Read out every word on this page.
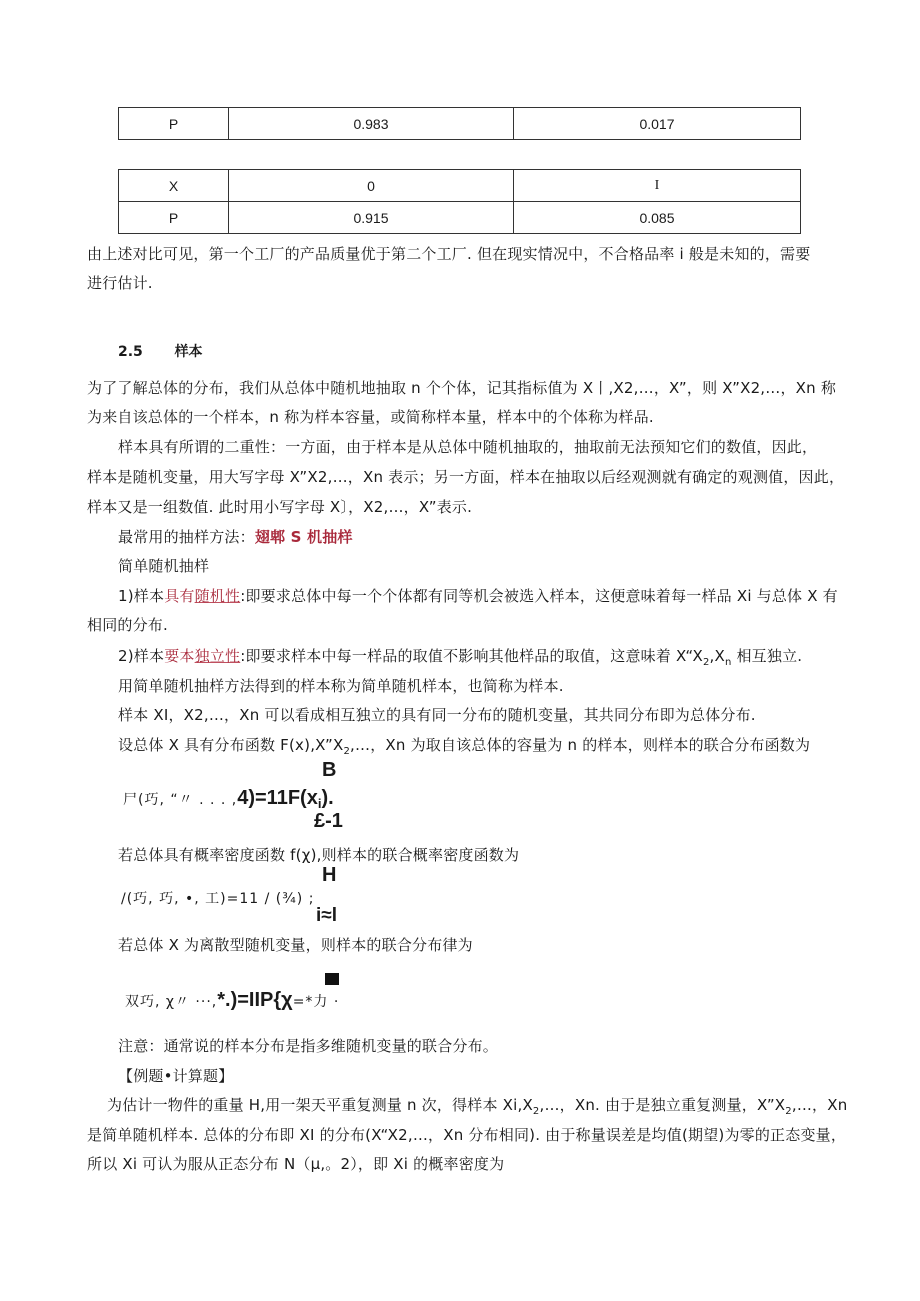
P	0.983	0.017
X	0	I
P	0.915	0.085
由上述对比可见，第一个工厂的产品质量优于第二个工厂. 但在现实情况中，不合格品率 i 般是未知的，需要
进行估计.
2.5 样本
为了了解总体的分布，我们从总体中随机地抽取 n 个个体，记其指标值为 X丨,X2,…，X”，则 X”X2,…，Xn 称
为来自该总体的一个样本，n 称为样本容量，或简称样本量，样本中的个体称为样品.
样本具有所谓的二重性：一方面，由于样本是从总体中随机抽取的，抽取前无法预知它们的数值，因此，
样本是随机变量，用大写字母 X”X2,…，Xn 表示；另一方面，样本在抽取以后经观测就有确定的观测值，因此，
样本又是一组数值. 此时用小写字母 X〕，X2,…，X”表示.
最常用的抽样方法：翅郫 S 机抽样
简单随机抽样
1)样本具有随机性:即要求总体中每一个个体都有同等机会被选入样本，这便意味着每一样品 Xi 与总体 X 有
相同的分布.
2)样本要本独立性:即要求样本中每一样品的取值不影响其他样品的取值，这意味着 $X“X_2,X_n$ 相互独立.
用简单随机抽样方法得到的样本称为简单随机样本，也简称为样本.
样本 XI，X2,…，Xn 可以看成相互独立的具有同一分布的随机变量，其共同分布即为总体分布.
设总体 X 具有分布函数 $F(x),X”X_2,\dots$，Xn 为取自该总体的容量为 n 的样本，则样本的联合分布函数为
B
尸(巧, “〃 . . . $,4)=11F(x_i)$.
£-1
若总体具有概率密度函数 f(χ),则样本的联合概率密度函数为
H
/(巧, 巧, •, 工)=11 / (¾) ;
i≈l
若总体 X 为离散型随机变量，则样本的联合分布律为
双巧, χ〃 ···,*.)=IIP{χ=*力 ·
注意：通常说的样本分布是指多维随机变量的联合分布。
【例题•计算题】
为估计一物件的重量 H,用一架天平重复测量 n 次，得样本 $Xi,X_2,\dots$，Xn. 由于是独立重复测量，$X”X_2,\dots$，Xn
是简单随机样本. 总体的分布即 XI 的分布(X“X2,…，Xn 分布相同). 由于称量误差是均值(期望)为零的正态变量，
所以 Xi 可认为服从正态分布 N（μ,。2），即 Xi 的概率密度为
